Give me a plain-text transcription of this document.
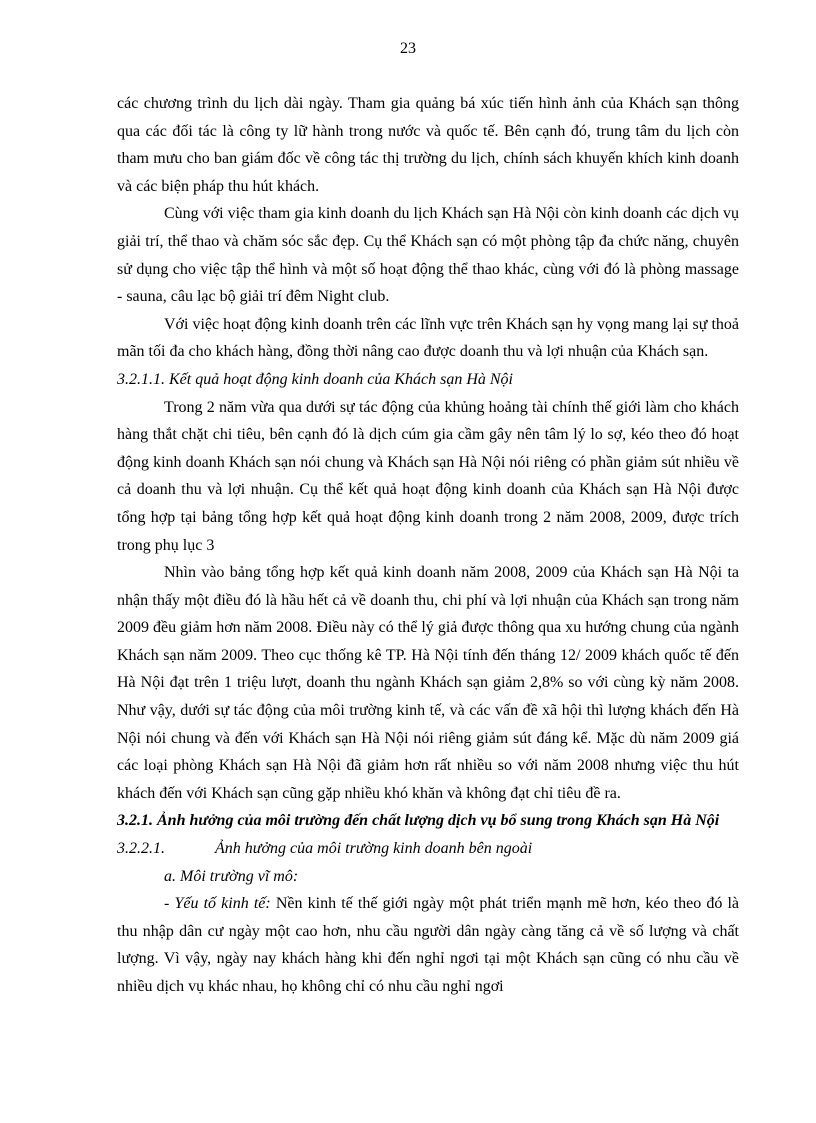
23

các chương trình du lịch dài ngày. Tham gia quảng bá xúc tiến hình ảnh của Khách sạn thông qua các đối tác là công ty lữ hành trong nước và quốc tế. Bên cạnh đó, trung tâm du lịch còn tham mưu cho ban giám đốc về công tác thị trường du lịch, chính sách khuyến khích kinh doanh và các biện pháp thu hút khách.

Cùng với việc tham gia kinh doanh du lịch Khách sạn Hà Nội còn kinh doanh các dịch vụ giải trí, thể thao và chăm sóc sắc đẹp. Cụ thể Khách sạn có một phòng tập đa chức năng, chuyên sử dụng cho việc tập thể hình và một số hoạt động thể thao khác, cùng với đó là phòng massage - sauna, câu lạc bộ giải trí đêm Night club.

Với việc hoạt động kinh doanh trên các lĩnh vực trên Khách sạn hy vọng mang lại sự thoả mãn tối đa cho khách hàng, đồng thời nâng cao được doanh thu và lợi nhuận của Khách sạn.

3.2.1.1. Kết quả hoạt động kinh doanh của Khách sạn Hà Nội

Trong 2 năm vừa qua dưới sự tác động của khủng hoảng tài chính thế giới làm cho khách hàng thắt chặt chi tiêu, bên cạnh đó là dịch cúm gia cầm gây nên tâm lý lo sợ, kéo theo đó hoạt động kinh doanh Khách sạn nói chung và Khách sạn Hà Nội nói riêng có phần giảm sút nhiều về cả doanh thu và lợi nhuận. Cụ thể kết quả hoạt động kinh doanh của Khách sạn Hà Nội được tổng hợp tại bảng tổng hợp kết quả hoạt động kinh doanh trong 2 năm 2008, 2009, được trích trong phụ lục 3

Nhìn vào bảng tổng hợp kết quả kinh doanh năm 2008, 2009 của Khách sạn Hà Nội ta nhận thấy một điều đó là hầu hết cả về doanh thu, chi phí và lợi nhuận của Khách sạn trong năm 2009 đều giảm hơn năm 2008. Điều này có thể lý giả được thông qua xu hướng chung của ngành Khách sạn năm 2009. Theo cục thống kê TP. Hà Nội tính đến tháng 12/ 2009 khách quốc tế đến Hà Nội đạt trên 1 triệu lượt, doanh thu ngành Khách sạn giảm 2,8% so với cùng kỳ năm 2008. Như vậy, dưới sự tác động của môi trường kinh tế, và các vấn đề xã hội thì lượng khách đến Hà Nội nói chung và đến với Khách sạn Hà Nội nói riêng giảm sút đáng kể. Mặc dù năm 2009 giá các loại phòng Khách sạn Hà Nội đã giảm hơn rất nhiều so với năm 2008 nhưng việc thu hút khách đến với Khách sạn cũng gặp nhiều khó khăn và không đạt chỉ tiêu đề ra.

3.2.1. Ảnh hưởng của môi trường đến chất lượng dịch vụ bổ sung trong Khách sạn Hà Nội

3.2.2.1.	Ảnh hưởng của môi trường kinh doanh bên ngoài

a. Môi trường vĩ mô:

- Yếu tố kinh tế: Nền kinh tế thế giới ngày một phát triển mạnh mẽ hơn, kéo theo đó là thu nhập dân cư ngày một cao hơn, nhu cầu người dân ngày càng tăng cả về số lượng và chất lượng. Vì vậy, ngày nay khách hàng khi đến nghỉ ngơi tại một Khách sạn cũng có nhu cầu về nhiều dịch vụ khác nhau, họ không chỉ có nhu cầu nghỉ ngơi
